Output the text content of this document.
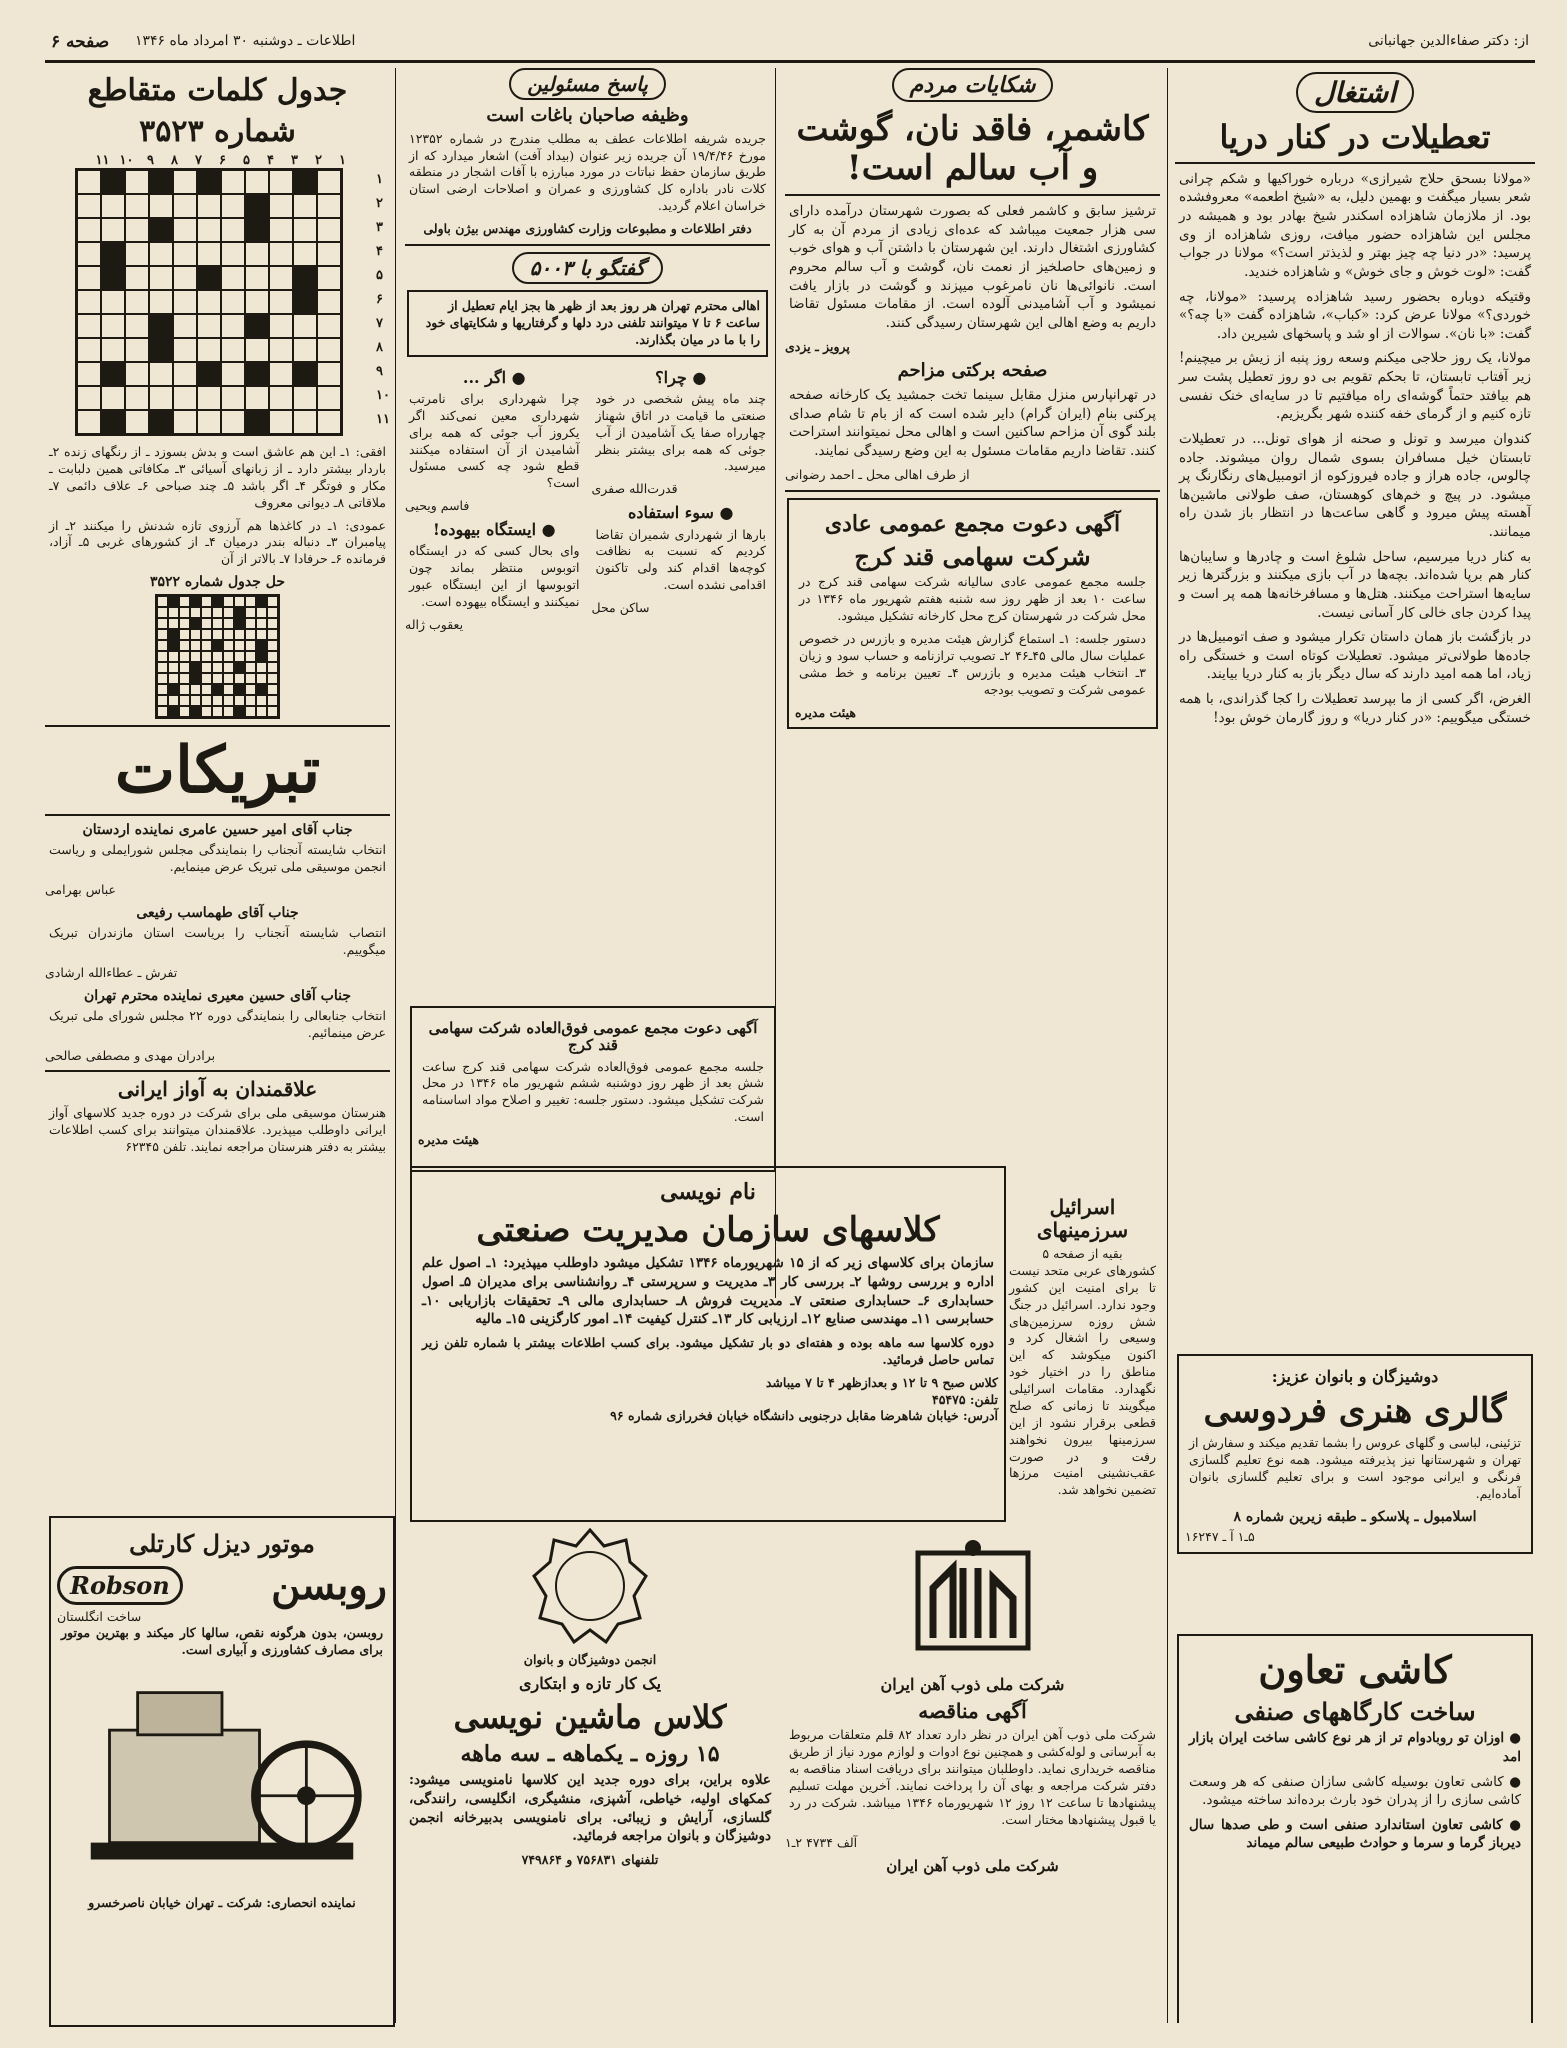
صفحه ۶ اطلاعات ـ دوشنبه ۳۰ امرداد ماه ۱۳۴۶	از: دکتر صفاءالدین جهانبانی
اشتغال
تعطیلات در کنار دریا

«مولانا بسحق حلاج شیرازی» درباره خوراکیها و شکم چرانی شعر بسیار میگفت و بهمین دلیل، به «شیخ اطعمه» معروفشده بود. از ملازمان شاهزاده اسکندر شیخ بهادر بود و همیشه در مجلس این شاهزاده حضور میافت، روزی شاهزاده از وی پرسید: «در دنیا چه چیز بهتر و لذیذتر است؟» مولانا در جواب گفت: «لوت خوش و جای خوش» و شاهزاده خندید.

وقتیکه دوباره بحضور رسید شاهزاده پرسید: «مولانا، چه خوردی؟» مولانا عرض کرد: «کباب»، شاهزاده گفت «با چه؟» گفت: «با نان». سوالات از او شد و پاسخهای شیرین داد.

مولانا، یک روز حلاجی میکنم وسعه روز پنبه از زیش بر میچینم! زیر آفتاب تابستان، تا بحکم تقویم بی دو روز تعطیل پشت سر هم بیافتد حتماً گوشه‌ای راه میافتیم تا در سایه‌ای خنک نفسی تازه کنیم و از گرمای خفه کننده شهر بگریزیم.

کندوان میرسد و تونل و صحنه از هوای تونل... در تعطیلات تابستان خیل مسافران بسوی شمال روان میشوند. جاده چالوس، جاده هراز و جاده فیروزکوه از اتومبیل‌های رنگارنگ پر میشود. در پیچ و خم‌های کوهستان، صف طولانی ماشین‌ها آهسته پیش میرود و گاهی ساعت‌ها در انتظار باز شدن راه میمانند.

به کنار دریا میرسیم، ساحل شلوغ است و چادرها و سایبان‌ها کنار هم برپا شده‌اند. بچه‌ها در آب بازی میکنند و بزرگترها زیر سایه‌ها استراحت میکنند. هتل‌ها و مسافرخانه‌ها همه پر است و پیدا کردن جای خالی کار آسانی نیست.

در بازگشت باز همان داستان تکرار میشود و صف اتومبیل‌ها در جاده‌ها طولانی‌تر میشود. تعطیلات کوتاه است و خستگی راه زیاد، اما همه امید دارند که سال دیگر باز به کنار دریا بیایند.

الغرض، اگر کسی از ما بپرسد تعطیلات را کجا گذراندی، با همه خستگی میگوییم: «در کنار دریا» و روز گارمان خوش بود!

دوشیزگان و بانوان عزیز:
گالری هنری فردوسی

تزئینی، لباسی و گلهای عروس را بشما تقدیم میکند و سفارش از تهران و شهرستانها نیز پذیرفته میشود. همه نوع تعلیم گلسازی فرنگی و ایرانی موجود است و برای تعلیم گلسازی بانوان آماده‌ایم.

اسلامبول ـ پلاسکو ـ طبقه زیرین شماره ۸
۵ـ۱ آ ـ ۱۶۲۴۷
کاشی تعاون
ساخت کارگاههای صنفی

● اوزان تو روبادوام تر از هر نوع کاشی ساخت ایران بازار امد

● کاشی تعاون بوسیله کاشی سازان صنفی که هر وسعت کاشی سازی را از پدران خود بارث برده‌اند ساخته میشود.

● کاشی تعاون استاندارد صنفی است و طی صدها سال دیرباز گرما و سرما و حوادث طبیعی سالم میماند

شکایات مردم
کاشمر، فاقد نان، گوشت و آب سالم است!

ترشیز سابق و کاشمر فعلی که بصورت شهرستان درآمده دارای سی هزار جمعیت میباشد که عده‌ای زیادی از مردم آن به کار کشاورزی اشتغال دارند. این شهرستان با داشتن آب و هوای خوب و زمین‌های حاصلخیز از نعمت نان، گوشت و آب سالم محروم است. نانوائی‌ها نان نامرغوب میپزند و گوشت در بازار یافت نمیشود و آب آشامیدنی آلوده است. از مقامات مسئول تقاضا داریم به وضع اهالی این شهرستان رسیدگی کنند.

پرویز ـ یزدی
صفحه برکتی مزاحم

در تهرانپارس منزل مقابل سینما تخت جمشید یک کارخانه صفحه پرکنی بنام (ایران گرام) دایر شده است که از بام تا شام صدای بلند گوی آن مزاحم ساکنین است و اهالی محل نمیتوانند استراحت کنند. تقاضا داریم مقامات مسئول به این وضع رسیدگی نمایند.

از طرف اهالی محل ـ احمد رضوانی
آگهی دعوت مجمع عمومی عادی
شرکت سهامی قند کرج

جلسه مجمع عمومی عادی سالیانه شرکت سهامی قند کرج در ساعت ۱۰ بعد از ظهر روز سه شنبه هفتم شهریور ماه ۱۳۴۶ در محل شرکت در شهرستان کرج محل کارخانه تشکیل میشود.

دستور جلسه: ۱ـ استماع گزارش هیئت مدیره و بازرس در خصوص عملیات سال مالی ۴۵ـ۴۶ ۲ـ تصویب ترازنامه و حساب سود و زیان ۳ـ انتخاب هیئت مدیره و بازرس ۴ـ تعیین برنامه و خط مشی عمومی شرکت و تصویب بودجه

هیئت مدیره
اسرائیل سرزمینهای
بقیه از صفحه ۵

کشورهای عربی متحد نیست تا برای امنیت این کشور وجود ندارد. اسرائیل در جنگ شش روزه سرزمین‌های وسیعی را اشغال کرد و اکنون میکوشد که این مناطق را در اختیار خود نگهدارد. مقامات اسرائیلی میگویند تا زمانی که صلح قطعی برقرار نشود از این سرزمینها بیرون نخواهند رفت و در صورت عقب‌نشینی امنیت مرزها تضمین نخواهد شد.

شرکت ملی ذوب آهن ایران
آگهی مناقصه

شرکت ملی ذوب آهن ایران در نظر دارد تعداد ۸۲ قلم متعلقات مربوط به آبرسانی و لوله‌کشی و همچنین نوع ادوات و لوازم مورد نیاز از طریق مناقصه خریداری نماید. داوطلبان میتوانند برای دریافت اسناد مناقصه به دفتر شرکت مراجعه و بهای آن را پرداخت نمایند. آخرین مهلت تسلیم پیشنهادها تا ساعت ۱۲ روز ۱۲ شهریورماه ۱۳۴۶ میباشد. شرکت در رد یا قبول پیشنهادها مختار است.

آلف ۴۷۳۴ ۲ـ۱
شرکت ملی ذوب آهن ایران
پاسخ مسئولین
وظیفه صاحبان باغات است

جریده شریفه اطلاعات عطف به مطلب مندرج در شماره ۱۲۳۵۲ مورخ ۱۹/۴/۴۶ آن جریده زیر عنوان (بیداد آفت) اشعار میدارد که از طریق سازمان حفظ نباتات در مورد مبارزه با آفات اشجار در منطقه کلات نادر باداره کل کشاورزی و عمران و اصلاحات ارضی استان خراسان اعلام گردید.

دفتر اطلاعات و مطبوعات وزارت کشاورزی مهندس بیژن باولی
گفتگو با ۵۰۰۳
اهالی محترم تهران هر روز بعد از ظهر ها بجز ایام تعطیل از ساعت ۶ تا ۷ میتوانند تلفنی درد دلها و گرفتاریها و شکایتهای خود را با ما در میان بگذارند.
● چرا؟

چند ماه پیش شخصی در خود صنعتی ما قیامت در اتاق شهناز چهارراه صفا یک آشامیدن از آب جوئی که همه برای بیشتر بنظر میرسید.

قدرت‌الله صفری
● سوء استفاده

بارها از شهرداری شمیران تقاضا کردیم که نسبت به نظافت کوچه‌ها اقدام کند ولی تاکنون اقدامی نشده است.

ساکن محل
● اگر ...

چرا شهرداری برای نامرتب شهرداری معین نمی‌کند اگر یکروز آب جوئی که همه برای آشامیدن از آن استفاده میکنند قطع شود چه کسی مسئول است؟

فاسم ویحیی
● ایستگاه بیهوده!

وای بحال کسی که در ایستگاه اتوبوس منتظر بماند چون اتوبوسها از این ایستگاه عبور نمیکنند و ایستگاه بیهوده است.

یعقوب ژاله
آگهی دعوت مجمع عمومی فوق‌العاده شرکت سهامی قند کرج

جلسه مجمع عمومی فوق‌العاده شرکت سهامی قند کرج ساعت شش بعد از ظهر روز دوشنبه ششم شهریور ماه ۱۳۴۶ در محل شرکت تشکیل میشود. دستور جلسه: تغییر و اصلاح مواد اساسنامه است.

هیئت مدیره
نام نویسی
کلاسهای سازمان مدیریت صنعتی

سازمان برای کلاسهای زیر که از ۱۵ شهریورماه ۱۳۴۶ تشکیل میشود داوطلب میپذیرد: ۱ـ اصول علم اداره و بررسی روشها ۲ـ بررسی کار ۳ـ مدیریت و سرپرستی ۴ـ روانشناسی برای مدیران ۵ـ اصول حسابداری ۶ـ حسابداری صنعتی ۷ـ مدیریت فروش ۸ـ حسابداری مالی ۹ـ تحقیقات بازاریابی ۱۰ـ حسابرسی ۱۱ـ مهندسی صنایع ۱۲ـ ارزیابی کار ۱۳ـ کنترل کیفیت ۱۴ـ امور کارگزینی ۱۵ـ مالیه

دوره کلاسها سه ماهه بوده و هفته‌ای دو بار تشکیل میشود. برای کسب اطلاعات بیشتر با شماره تلفن زیر تماس حاصل فرمائید.

کلاس صبح ۹ تا ۱۲ و بعدازظهر ۴ تا ۷ میباشد
تلفن: ۴۵۴۷۵
آدرس: خیابان شاهرضا مقابل درجنوبی دانشگاه خیابان فخررازی شماره ۹۶
انجمن دوشیزگان و بانوان
یک کار تازه و ابتکاری
کلاس ماشین نویسی
۱۵ روزه ـ یکماهه ـ سه ماهه

علاوه براین، برای دوره جدید این کلاسها نامنویسی میشود: کمکهای اولیه، خیاطی، آشپزی، منشیگری، انگلیسی، رانندگی، گلسازی، آرایش و زیبائی. برای نامنویسی بدبیرخانه انجمن دوشیزگان و بانوان مراجعه فرمائید.

تلفنهای ۷۵۶۸۳۱ و ۷۴۹۸۶۴
جدول کلمات متقاطع
شماره ۳۵۲۳
۱۱ ۱۰	۹	۸	۷	۶	۵	۴	۳	۲	۱
۱
۲
۳
۴
۵
۶
۷
۸
۹
۱۰
۱۱

افقی: ۱ـ این هم عاشق است و بدش بسوزد ـ از رنگهای زنده ۲ـ باردار بیشتر دارد ـ از زبانهای آسیائی ۳ـ مکافاتی همین دلبابت ـ مکار و فوتگر ۴ـ اگر باشد ۵ـ چند صباحی ۶ـ علاف دائمی ۷ـ ملاقاتی ۸ـ دیوانی معروف

عمودی: ۱ـ در کاغذها هم آرزوی تازه شدنش را میکنند ۲ـ از پیامبران ۳ـ دنباله بندر درمیان ۴ـ از کشورهای غربی ۵ـ آزاد، فرمانده ۶ـ حرفادا ۷ـ بالاتر از آن

حل جدول شماره ۳۵۲۲
تبریکات
جناب آقای امیر حسین عامری نماینده اردستان

انتخاب شایسته آنجناب را بنمایندگی مجلس شورایملی و ریاست انجمن موسیقی ملی تبریک عرض مینمایم.

عباس بهرامی
جناب آقای طهماسب رفیعی

انتصاب شایسته آنجناب را بریاست استان مازندران تبریک میگوییم.

تفرش ـ عطاءالله ارشادی
جناب آقای حسین معیری نماینده محترم تهران

انتخاب جنابعالی را بنمایندگی دوره ۲۲ مجلس شورای ملی تبریک عرض مینمائیم.

برادران مهدی و مصطفی صالحی
علاقمندان به آواز ایرانی

هنرستان موسیقی ملی برای شرکت در دوره جدید کلاسهای آواز ایرانی داوطلب میپذیرد. علاقمندان میتوانند برای کسب اطلاعات بیشتر به دفتر هنرستان مراجعه نمایند. تلفن ۶۲۳۴۵

موتور دیزل کارتلی
Robson	روبسن
ساخت انگلستان

روبسن، بدون هرگونه نقص، سالها کار میکند و بهترین موتور برای مصارف کشاورزی و آبیاری است.

نماینده انحصاری: شرکت ـ تهران خیابان ناصرخسرو
